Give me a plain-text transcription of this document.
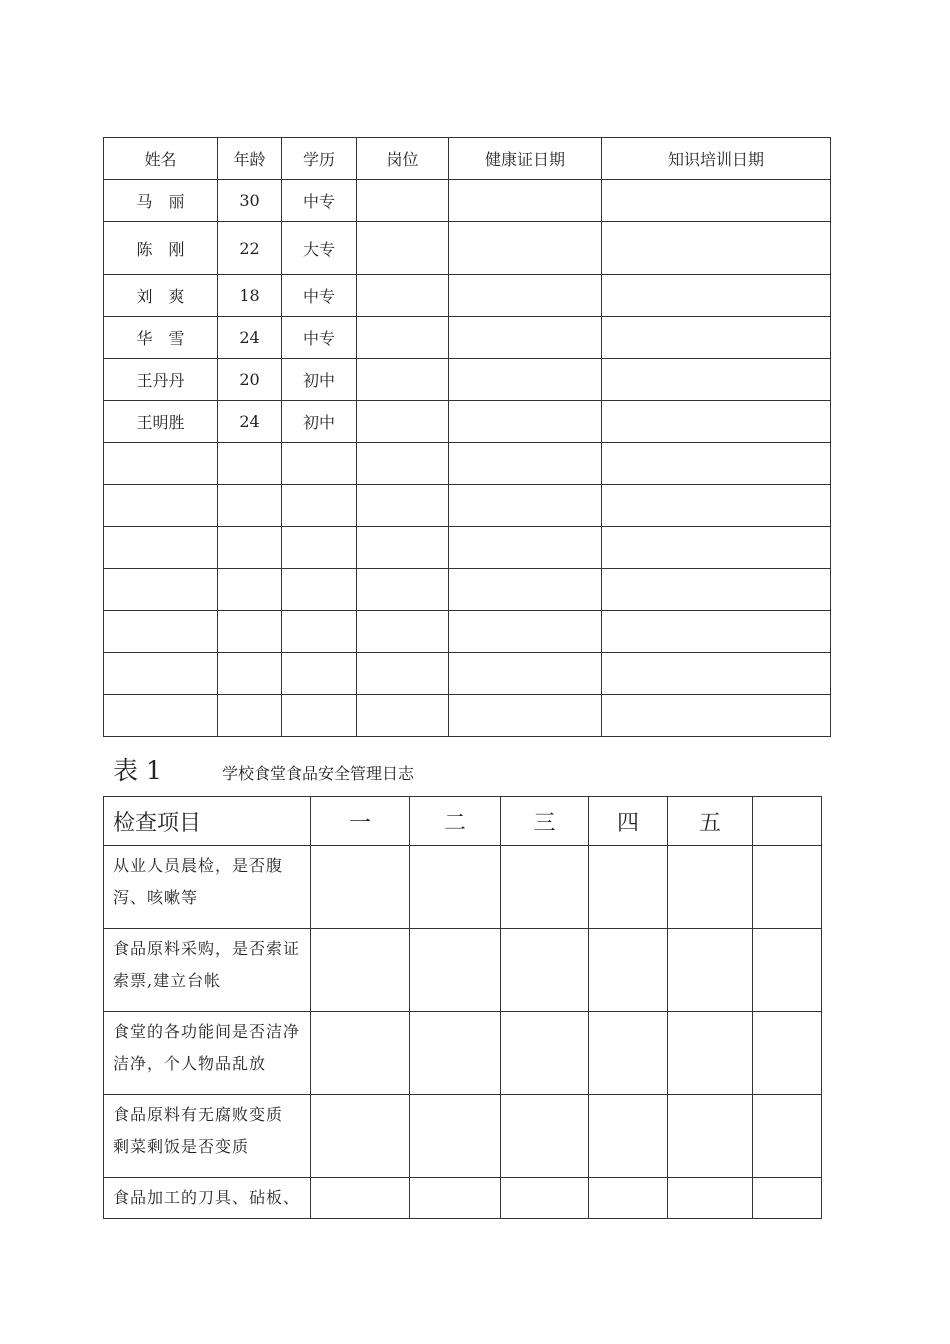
姓名	年龄	学历	岗位	健康证日期	知识培训日期
马　丽	30	中专			
陈　刚	22	大专			
刘　爽	18	中专			
华　雪	24	中专			
王丹丹	20	初中			
王明胜	24	初中			

表 1	学校食堂食品安全管理日志
检查项目	一	二	三	四	五	

从业人员晨检，是否腹
泻、咳嗽等						

食品原料采购，是否索证
索票,建立台帐						

食堂的各功能间是否洁净
洁净，个人物品乱放						

食品原料有无腐败变质
剩菜剩饭是否变质						

食品加工的刀具、砧板、						
